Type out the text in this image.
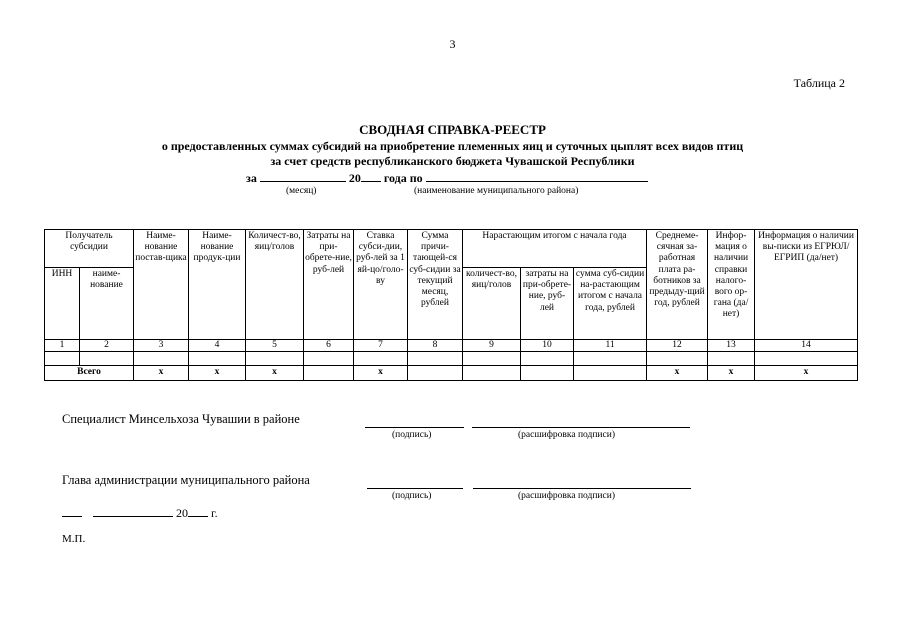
3
Таблица 2
СВОДНАЯ СПРАВКА-РЕЕСТР
о предоставленных суммах субсидий на приобретение племенных яиц и суточных цыплят всех видов птиц
за счет средств республиканского бюджета Чувашской Республики
за	20 года по
(месяц)	(наименование муниципального района)
Получатель субсидии		Наиме-нование постав-щика	Наиме-нование продук-ции	Количест-во, яиц/голов	Затраты на при-обрете-ние, руб-лей	Ставка субси-дии, руб-лей за 1 яй-цо/голо-ву	Сумма причи-тающей-ся суб-сидии за текущий месяц, рублей	Нарастающим итогом с начала года			Среднеме-сячная за-работная плата ра-ботников за предыду-щий год, рублей	Инфор-мация о наличии справки налого-вого ор-гана (да/нет)	Информация о наличии вы-писки из ЕГРЮЛ/ЕГРИП (да/нет)
ИНН	наиме-нование							количест-во, яиц/голов	затраты на при-обрете-ние, руб-лей	сумма суб-сидии на-растающим итогом с начала года, рублей			
1	2	3	4	5	6	7	8	9	10	11	12	13	14

Всего		х	х	х		х					х	х	х
Специалист Минсельхоза Чувашии в районе
(подпись)	(расшифровка подписи)
Глава администрации муниципального района
(подпись)	(расшифровка подписи)
20 г.
М.П.
